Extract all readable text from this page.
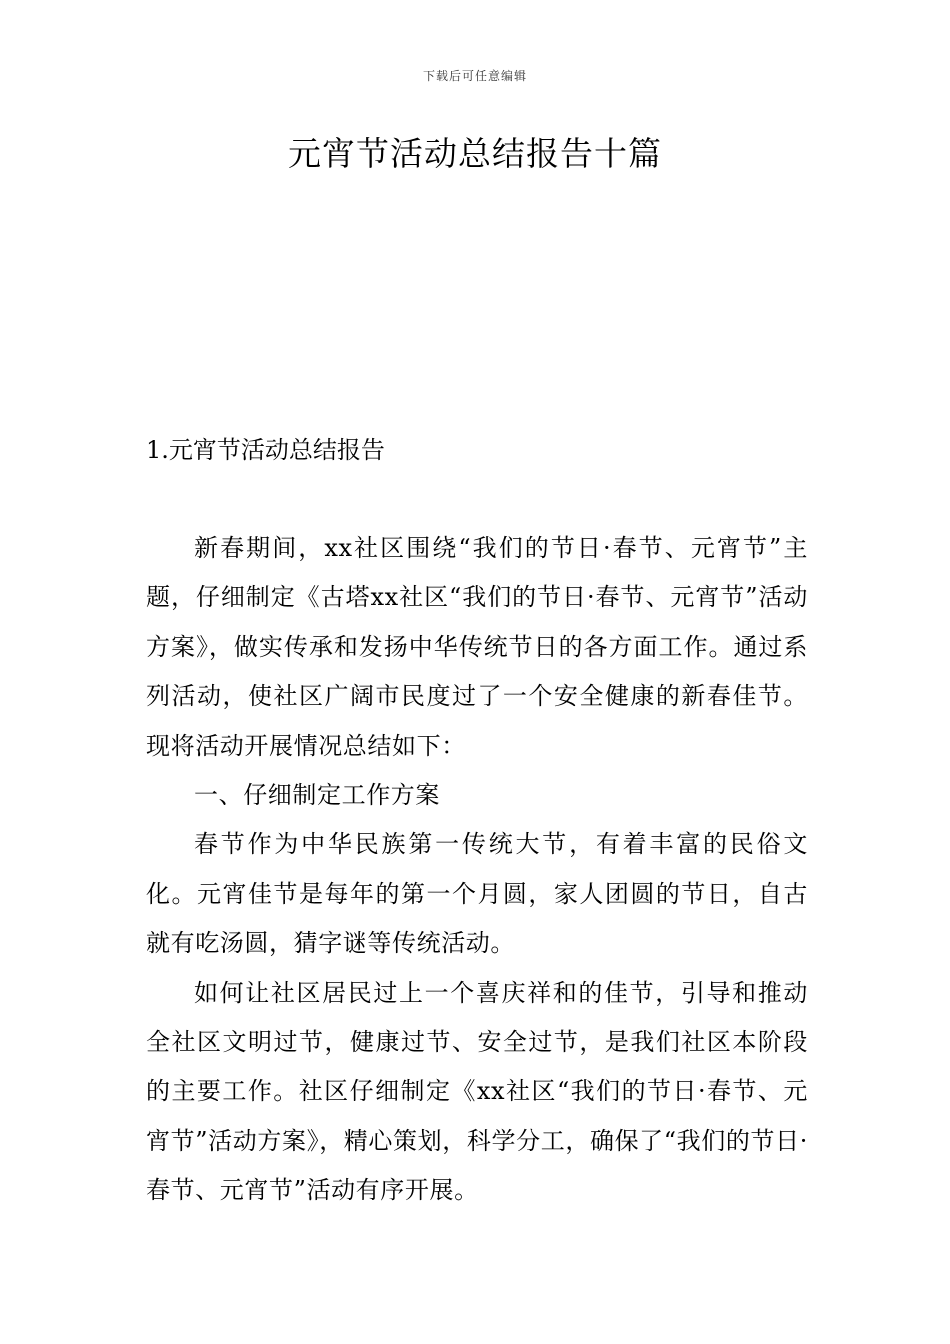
下载后可任意编辑
元宵节活动总结报告十篇
1.元宵节活动总结报告

新春期间，xx社区围绕“我们的节日·春节、元宵节”主题，仔细制定《古塔xx社区“我们的节日·春节、元宵节”活动方案》，做实传承和发扬中华传统节日的各方面工作。通过系列活动，使社区广阔市民度过了一个安全健康的新春佳节。现将活动开展情况总结如下：

一、仔细制定工作方案

春节作为中华民族第一传统大节，有着丰富的民俗文化。元宵佳节是每年的第一个月圆，家人团圆的节日，自古就有吃汤圆，猜字谜等传统活动。

如何让社区居民过上一个喜庆祥和的佳节，引导和推动全社区文明过节，健康过节、安全过节，是我们社区本阶段的主要工作。社区仔细制定《xx社区“我们的节日·春节、元宵节”活动方案》，精心策划，科学分工，确保了“我们的节日·春节、元宵节”活动有序开展。
